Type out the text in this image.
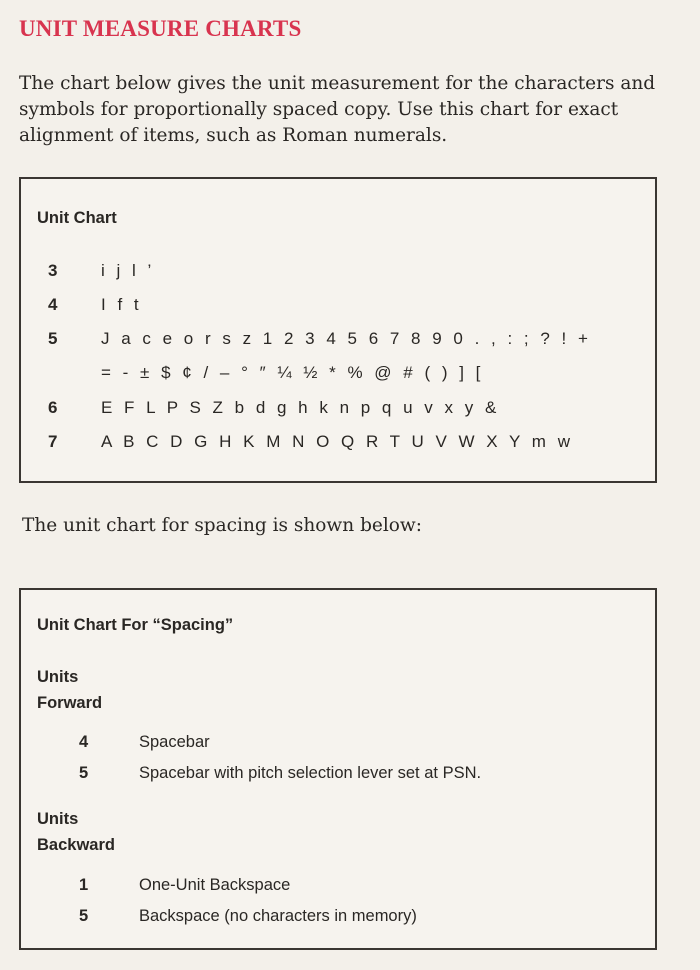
UNIT MEASURE CHARTS

The chart below gives the unit measurement for the characters and symbols for proportionally spaced copy. Use this chart for exact alignment of items, such as Roman numerals.

Unit Chart

3	i j l ’
4	I f t
5	J a c e o r s z 1 2 3 4 5 6 7 8 9 0 . , : ; ? ! +
= - ± $ ¢ / – ° ″ ¼ ½ * % @ # ( ) ] [
6	E F L P S Z b d g h k n p q u v x y &
7	A B C D G H K M N O Q R T U V W X Y m w

The unit chart for spacing is shown below:

Unit Chart For “Spacing”

Units
Forward
4	Spacebar
5	Spacebar with pitch selection lever set at PSN.
Units
Backward
1	One-Unit Backspace
5	Backspace (no characters in memory)
